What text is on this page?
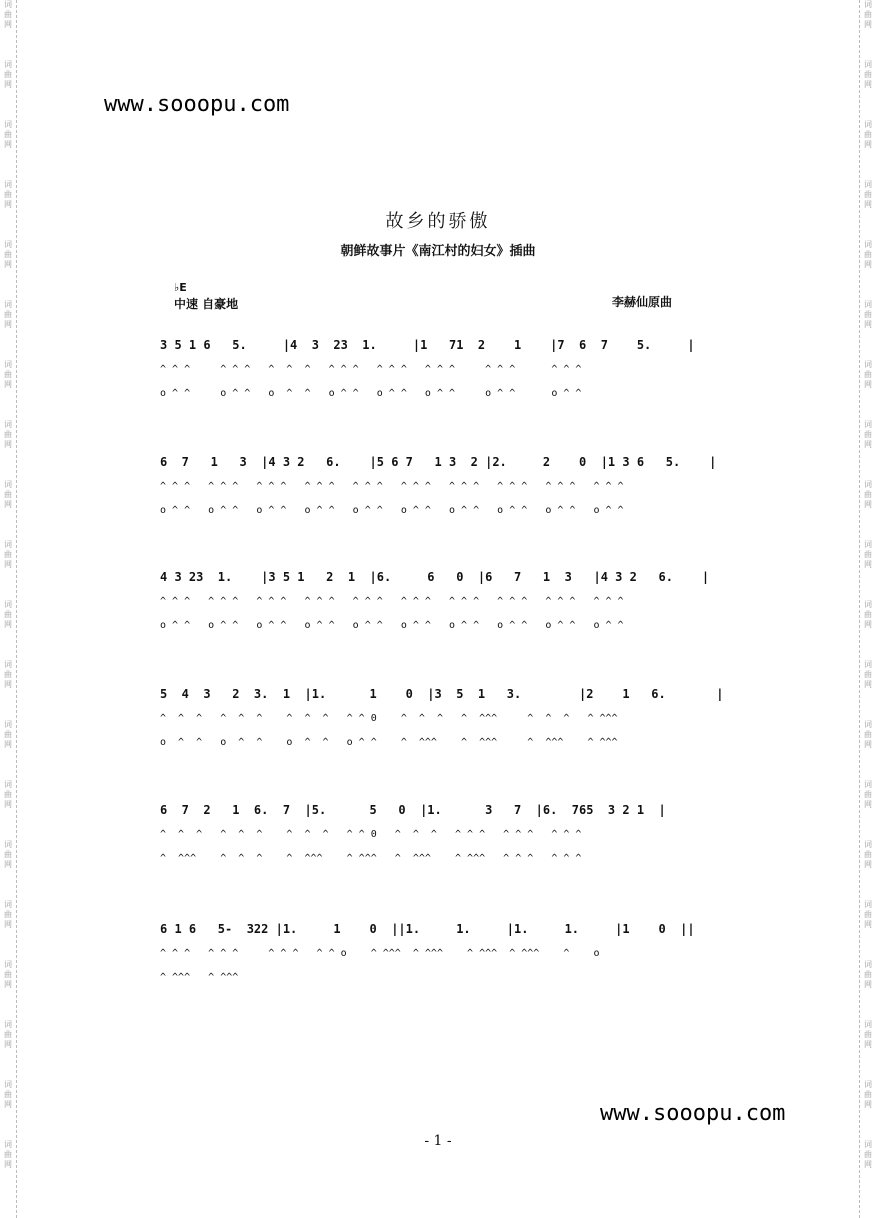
词
曲
网
词
曲
网
词
曲
网
词
曲
网
词
曲
网
词
曲
网
词
曲
网
词
曲
网
词
曲
网
词
曲
网
词
曲
网
词
曲
网
词
曲
网
词
曲
网
词
曲
网
词
曲
网
词
曲
网
词
曲
网
词
曲
网
词
曲
网
词
曲
网
词
曲
网
词
曲
网
词
曲
网
词
曲
网
词
曲
网
词
曲
网
词
曲
网
词
曲
网
词
曲
网
词
曲
网
词
曲
网
词
曲
网
词
曲
网
词
曲
网
词
曲
网
词
曲
网
词
曲
网
词
曲
网
词
曲
网
www.sooopu.com
故乡的骄傲
朝鲜故事片《南江村的妇女》插曲
♭E
中速 自豪地	李赫仙原曲
3 5 1 6   5.     |4  3  23  1.     |1   71  2    1    |7  6  7    5.     |
^ ^ ^     ^ ^ ^   ^  ^  ^   ^ ^ ^   ^ ^ ^   ^ ^ ^     ^ ^ ^      ^ ^ ^
o ^ ^     o ^ ^   o  ^  ^   o ^ ^   o ^ ^   o ^ ^     o ^ ^      o ^ ^
6  7   1   3  |4 3 2   6.    |5 6 7   1 3  2 |2.     2    0  |1 3 6   5.    |
^ ^ ^   ^ ^ ^   ^ ^ ^   ^ ^ ^   ^ ^ ^   ^ ^ ^   ^ ^ ^   ^ ^ ^   ^ ^ ^   ^ ^ ^
o ^ ^   o ^ ^   o ^ ^   o ^ ^   o ^ ^   o ^ ^   o ^ ^   o ^ ^   o ^ ^   o ^ ^
4 3 23  1.    |3 5 1   2  1  |6.     6   0  |6   7   1  3   |4 3 2   6.    |
^ ^ ^   ^ ^ ^   ^ ^ ^   ^ ^ ^   ^ ^ ^   ^ ^ ^   ^ ^ ^   ^ ^ ^   ^ ^ ^   ^ ^ ^
o ^ ^   o ^ ^   o ^ ^   o ^ ^   o ^ ^   o ^ ^   o ^ ^   o ^ ^   o ^ ^   o ^ ^
5  4  3   2  3.  1  |1.      1    0  |3  5  1   3.        |2    1   6.       |
^  ^  ^   ^  ^  ^    ^  ^  ^   ^ ^ 0    ^  ^  ^   ^  ^^^     ^  ^  ^   ^ ^^^
o  ^  ^   o  ^  ^    o  ^  ^   o ^ ^    ^  ^^^    ^  ^^^     ^  ^^^    ^ ^^^
6  7  2   1  6.  7  |5.      5   0  |1.      3   7  |6.  765  3 2 1  |
^  ^  ^   ^  ^  ^    ^  ^  ^   ^ ^ 0   ^  ^  ^   ^ ^ ^   ^ ^ ^   ^ ^ ^
^  ^^^    ^  ^  ^    ^  ^^^    ^ ^^^   ^  ^^^    ^ ^^^   ^ ^ ^   ^ ^ ^
6 1 6   5-  322 |1.     1    0  ||1.     1.     |1.     1.     |1    0  ||
^ ^ ^   ^ ^ ^     ^ ^ ^   ^ ^ o    ^ ^^^  ^ ^^^    ^ ^^^  ^ ^^^    ^    o
^ ^^^   ^ ^^^
www.sooopu.com
- 1 -
